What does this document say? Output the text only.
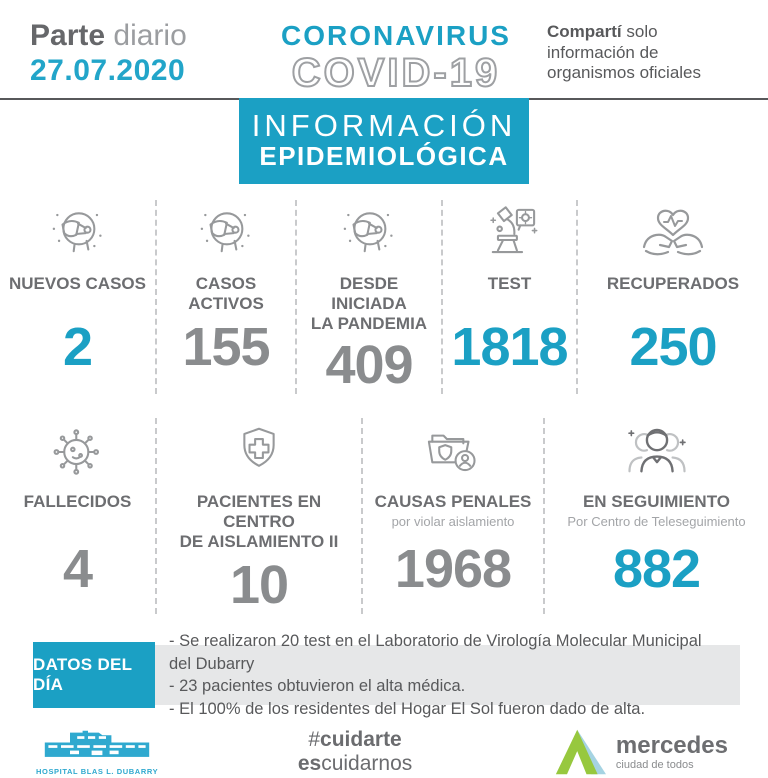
Parte diario
27.07.2020
CORONAVIRUS
COVID-19
Compartí solo
información de
organismos oficiales
INFORMACIÓN
EPIDEMIOLÓGICA
NUEVOS CASOS
2
CASOS ACTIVOS
155
DESDE INICIADA
LA PANDEMIA
409
TEST
1818
RECUPERADOS
250
FALLECIDOS
4
PACIENTES EN CENTRO
DE AISLAMIENTO II
10
CAUSAS PENALES
por violar aislamiento
1968
EN SEGUIMIENTO
Por Centro de Teleseguimiento
882
DATOS DEL DÍA
- Se realizaron 20 test en el Laboratorio de Virología Molecular Municipal del Dubarry
- 23 pacientes obtuvieron el alta médica.
- El 100% de los residentes del Hogar El Sol fueron dado de alta.
HOSPITAL BLAS L. DUBARRY
#cuidarte
escuidarnos
mercedes
ciudad de todos
